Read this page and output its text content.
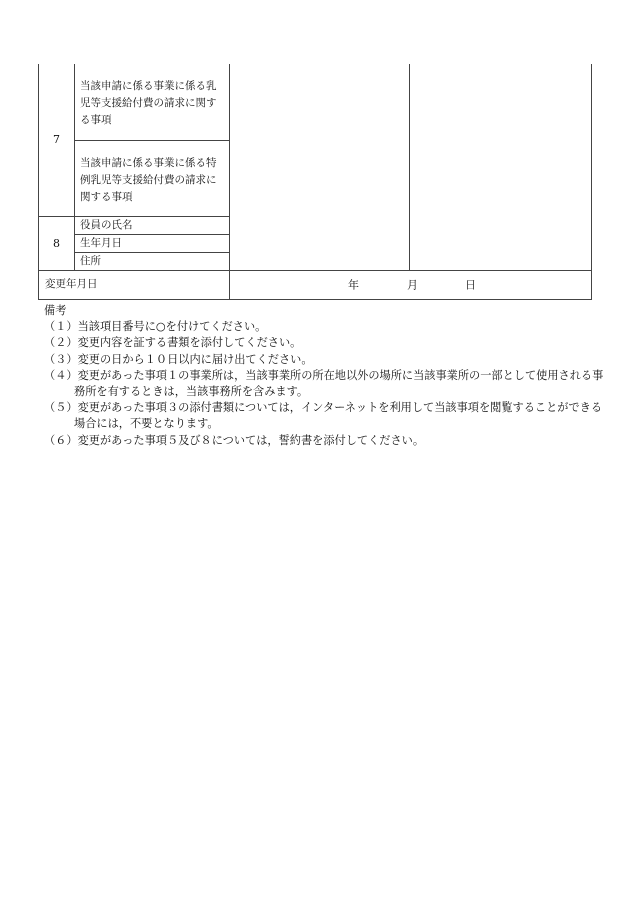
7	当該申請に係る事業に係る乳児等支援給付費の請求に関する事項		
	当該申請に係る事業に係る特例乳児等支援給付費の請求に関する事項		
8	役員の氏名		
	生年月日		
	住所		
変更年月日		年 月 日	

備考

（１）当該項目番号に○を付けてください。

（２）変更内容を証する書類を添付してください。

（３）変更の日から１０日以内に届け出てください。

（４）変更があった事項１の事業所は，当該事業所の所在地以外の場所に当該事業所の一部として使用される事務所を有するときは，当該事務所を含みます。

（５）変更があった事項３の添付書類については，インターネットを利用して当該事項を閲覧することができる場合には，不要となります。

（６）変更があった事項５及び８については，誓約書を添付してください。
